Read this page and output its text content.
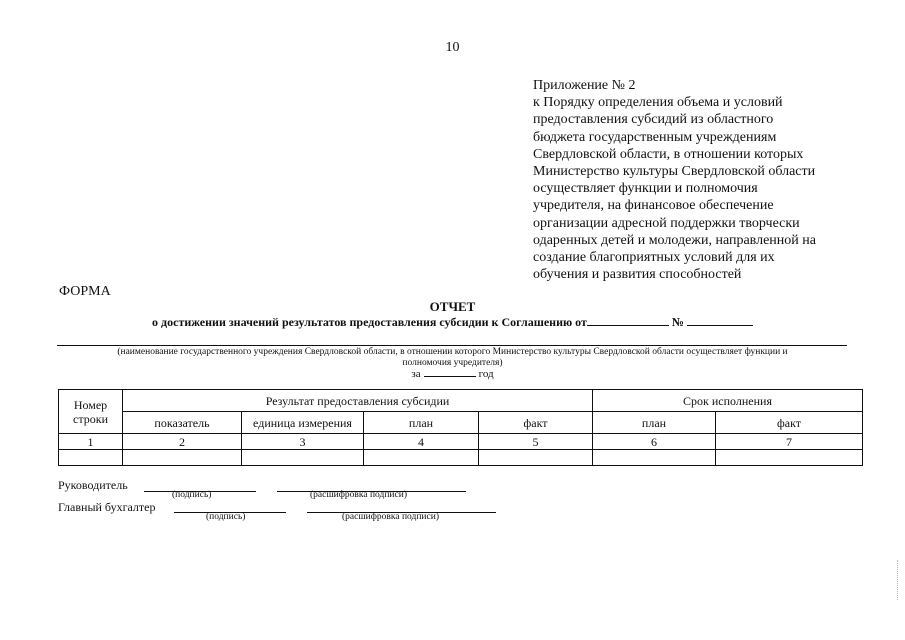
10
Приложение № 2
к Порядку определения объема и условий
предоставления субсидий из областного
бюджета государственным учреждениям
Свердловской области, в отношении которых
Министерство культуры Свердловской области
осуществляет функции и полномочия
учредителя, на финансовое обеспечение
организации адресной поддержки творчески
одаренных детей и молодежи, направленной на
создание благоприятных условий для их
обучения и развития способностей
ФОРМА
ОТЧЕТ
о достижении значений результатов предоставления субсидии к Соглашению от	№
(наименование государственного учреждения Свердловской области, в отношении которого Министерство культуры Свердловской области осуществляет функции и
полномочия учредителя)
за	год
Номер строки	Результат предоставления субсидии				Срок исполнения	
	показатель	единица измерения	план	факт	план	факт
1	2	3	4	5	6	7

Руководитель
(подпись)	(расшифровка подписи)
Главный бухгалтер
(подпись)	(расшифровка подписи)
